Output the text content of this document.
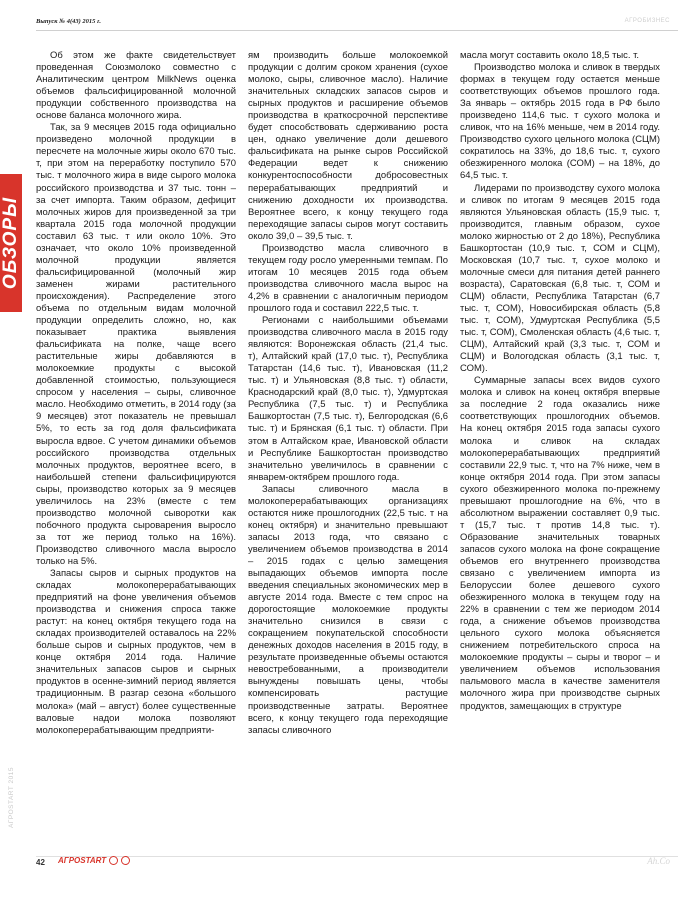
Выпуск № 4(43) 2015 г.	АГРОБИЗНЕС
ОБЗОРЫ
АГРОSTART 2015

Об этом же факте свидетельствует проведенная Союзмолоко совместно с Аналитическим центром MilkNews оценка объемов фальсифицированной молочной продукции собственного производства на основе баланса молочного жира.

Так, за 9 месяцев 2015 года официально произведено молочной продукции в пересчете на молочные жиры около 670 тыс. т, при этом на переработку поступило 570 тыс. т молочного жира в виде сырого молока российского производства и 37 тыс. тонн – за счет импорта. Таким образом, дефицит молочных жиров для произведенной за три квартала 2015 года молочной продукции составил 63 тыс. т или около 10%. Это означает, что около 10% произведенной молочной продукции является фальсифицированной (молочный жир заменен жирами растительного происхождения). Распределение этого объема по отдельным видам молочной продукции определить сложно, но, как показывает практика выявления фальсификата на полке, чаще всего растительные жиры добавляются в молокоемкие продукты с высокой добавленной стоимостью, пользующиеся спросом у населения – сыры, сливочное масло. Необходимо отметить, в 2014 году (за 9 месяцев) этот показатель не превышал 5%, то есть за год доля фальсификата выросла вдвое. С учетом динамики объемов российского производства отдельных молочных продуктов, вероятнее всего, в наибольшей степени фальсифицируются сыры, производство которых за 9 месяцев увеличилось на 23% (вместе с тем производство молочной сыворотки как побочного продукта сыроварения выросло за тот же период только на 16%). Производство сливочного масла выросло только на 5%.

Запасы сыров и сырных продуктов на складах молокоперерабатывающих предприятий на фоне увеличения объемов производства и снижения спроса также растут: на конец октября текущего года на складах производителей оставалось на 22% больше сыров и сырных продуктов, чем в конце октября 2014 года. Наличие значительных запасов сыров и сырных продуктов в осенне-зимний период является традиционным. В разгар сезона «большого молока» (май – август) более существенные валовые надои молока позволяют молокоперерабатывающим предприяти-

ям производить больше молокоемкой продукции с долгим сроком хранения (сухое молоко, сыры, сливочное масло). Наличие значительных складских запасов сыров и сырных продуктов и расширение объемов производства в краткосрочной перспективе будет способствовать сдерживанию роста цен, однако увеличение доли дешевого фальсификата на рынке сыров Российской Федерации ведет к снижению конкурентоспособности добросовестных перерабатывающих предприятий и снижению доходности их производства. Вероятнее всего, к концу текущего года переходящие запасы сыров могут составить около 39,0 – 39,5 тыс. т.

Производство масла сливочного в текущем году росло умеренными темпам. По итогам 10 месяцев 2015 года объем производства сливочного масла вырос на 4,2% в сравнении с аналогичным периодом прошлого года и составил 222,5 тыс. т.

Регионами с наибольшими объемами производства сливочного масла в 2015 году являются: Воронежская область (21,4 тыс. т), Алтайский край (17,0 тыс. т), Республика Татарстан (14,6 тыс. т), Ивановская (11,2 тыс. т) и Ульяновская (8,8 тыс. т) области, Краснодарский край (8,0 тыс. т), Удмуртская Республика (7,5 тыс. т) и Республика Башкортостан (7,5 тыс. т), Белгородская (6,6 тыс. т) и Брянская (6,1 тыс. т) области. При этом в Алтайском крае, Ивановской области и Республике Башкортостан производство значительно увеличилось в сравнении с январем-октябрем прошлого года.

Запасы сливочного масла в молокоперерабатывающих организациях остаются ниже прошлогодних (22,5 тыс. т на конец октября) и значительно превышают запасы 2013 года, что связано с увеличением объемов производства в 2014 – 2015 годах с целью замещения выпадающих объемов импорта после введения специальных экономических мер в августе 2014 года. Вместе с тем спрос на дорогостоящие молокоемкие продукты значительно снизился в связи с сокращением покупательской способности денежных доходов населения в 2015 году, в результате произведенные объемы остаются невостребованными, а производители вынуждены повышать цены, чтобы компенсировать растущие производственные затраты. Вероятнее всего, к концу текущего года переходящие запасы сливочного

масла могут составить около 18,5 тыс. т.

Производство молока и сливок в твердых формах в текущем году остается меньше соответствующих объемов прошлого года. За январь – октябрь 2015 года в РФ было произведено 114,6 тыс. т сухого молока и сливок, что на 16% меньше, чем в 2014 году. Производство сухого цельного молока (СЦМ) сократилось на 33%, до 18,6 тыс. т, сухого обезжиренного молока (СОМ) – на 18%, до 64,5 тыс. т.

Лидерами по производству сухого молока и сливок по итогам 9 месяцев 2015 года являются Ульяновская область (15,9 тыс. т, производится, главным образом, сухое молоко жирностью от 2 до 18%), Республика Башкортостан (10,9 тыс. т, СОМ и СЦМ), Московская (10,7 тыс. т, сухое молоко и молочные смеси для питания детей раннего возраста), Саратовская (6,8 тыс. т, СОМ и СЦМ) области, Республика Татарстан (6,7 тыс. т, СОМ), Новосибирская область (5,8 тыс. т, СОМ), Удмуртская Республика (5,5 тыс. т, СОМ), Смоленская область (4,6 тыс. т, СЦМ), Алтайский край (3,3 тыс. т, СОМ и СЦМ) и Вологодская область (3,1 тыс. т, СОМ).

Суммарные запасы всех видов сухого молока и сливок на конец октября впервые за последние 2 года оказались ниже соответствующих прошлогодних объемов. На конец октября 2015 года запасы сухого молока и сливок на складах молокоперерабатывающих предприятий составили 22,9 тыс. т, что на 7% ниже, чем в конце октября 2014 года. При этом запасы сухого обезжиренного молока по-прежнему превышают прошлогодние на 6%, что в абсолютном выражении составляет 0,9 тыс. т (15,7 тыс. т против 14,8 тыс. т). Образование значительных товарных запасов сухого молока на фоне сокращение объемов его внутреннего производства связано с увеличением импорта из Белоруссии более дешевого сухого обезжиренного молока в текущем году на 22% в сравнении с тем же периодом 2014 года, а снижение объемов производства цельного сухого молока объясняется снижением потребительского спроса на молокоемкие продукты – сыры и творог – и увеличением объемов использования пальмового масла в качестве заменителя молочного жира при производстве сырных продуктов, замещающих в структуре

42 АГРОSTART	Ah.Co
